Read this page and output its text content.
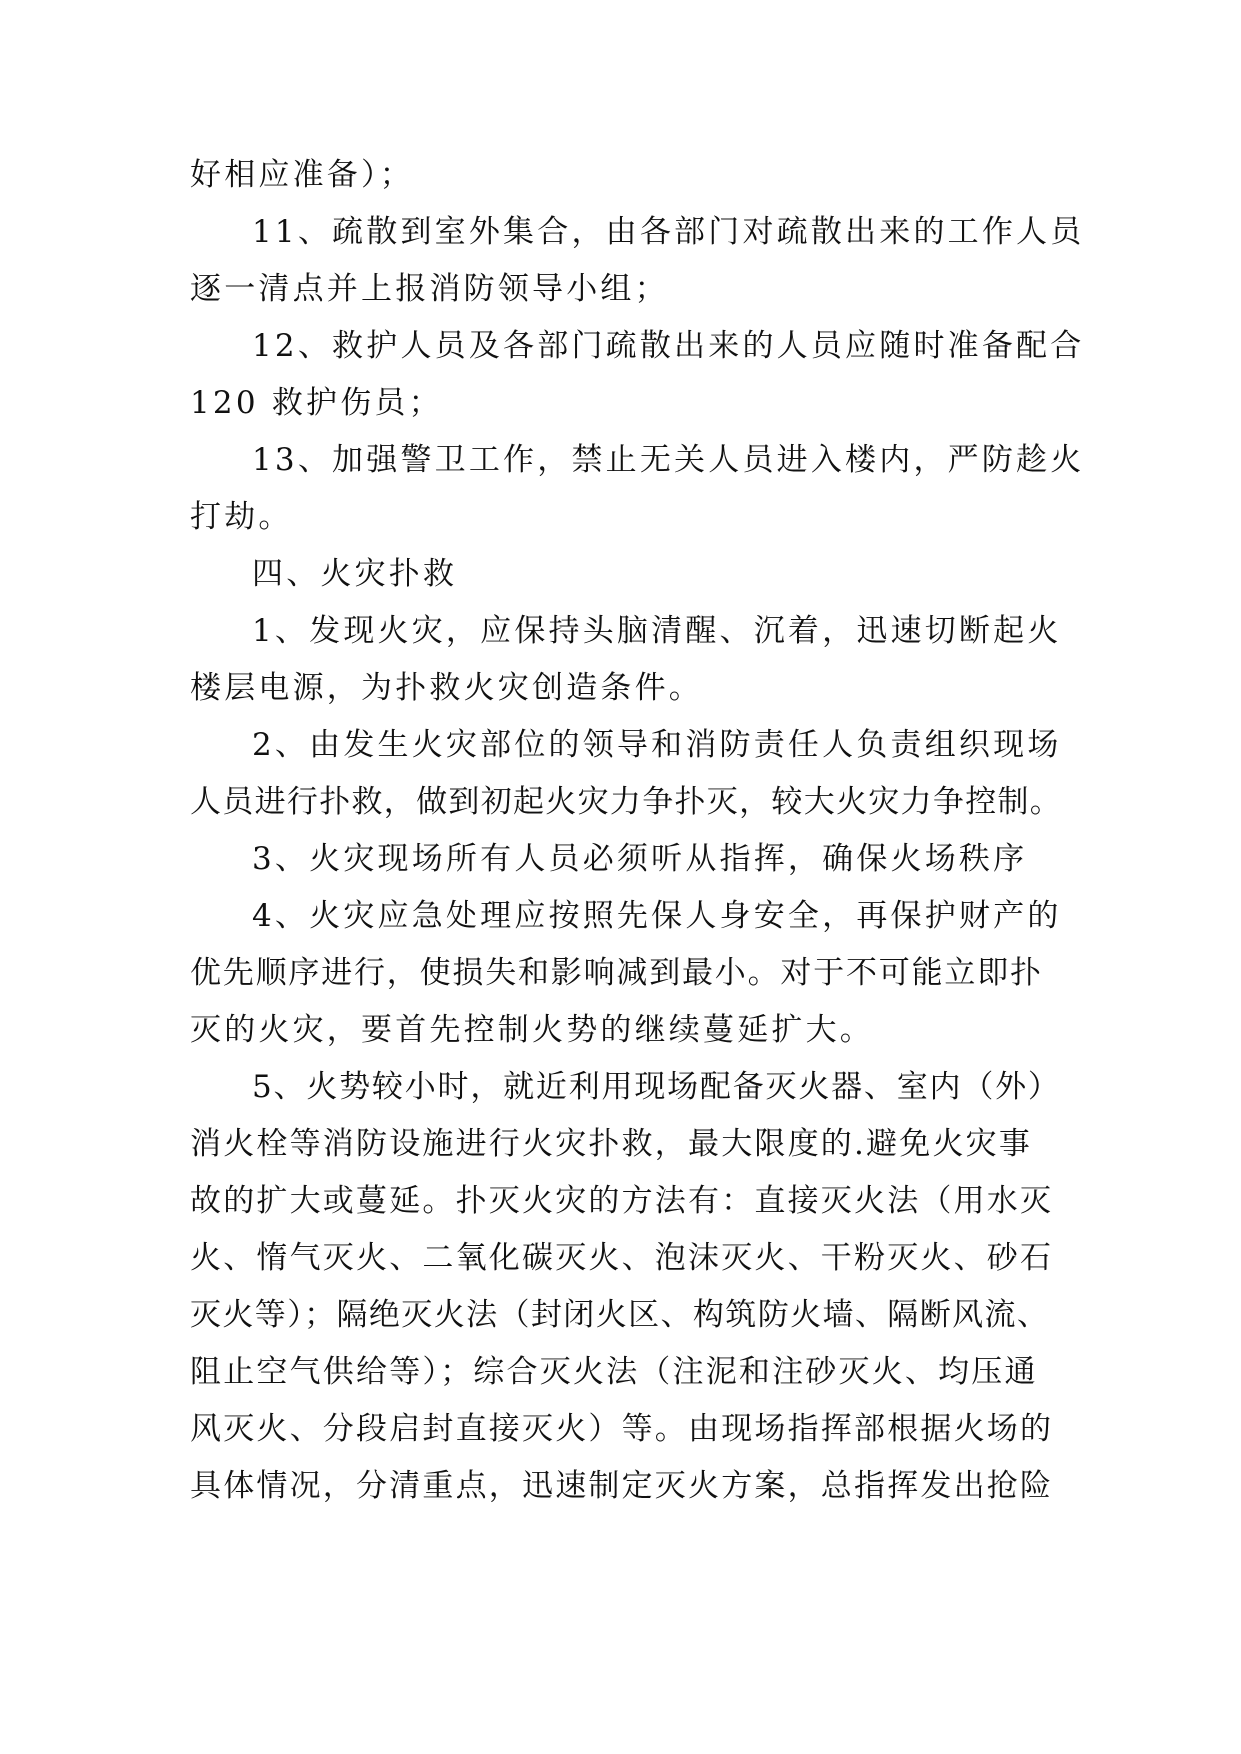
好相应准备）；
11、疏散到室外集合，由各部门对疏散出来的工作人员
逐一清点并上报消防领导小组；
12、救护人员及各部门疏散出来的人员应随时准备配合
120 救护伤员；
13、加强警卫工作，禁止无关人员进入楼内，严防趁火
打劫。
四、火灾扑救
1、发现火灾，应保持头脑清醒、沉着，迅速切断起火
楼层电源，为扑救火灾创造条件。
2、由发生火灾部位的领导和消防责任人负责组织现场
人员进行扑救，做到初起火灾力争扑灭，较大火灾力争控制。
3、火灾现场所有人员必须听从指挥，确保火场秩序
4、火灾应急处理应按照先保人身安全，再保护财产的
优先顺序进行，使损失和影响减到最小。对于不可能立即扑
灭的火灾，要首先控制火势的继续蔓延扩大。
5、火势较小时，就近利用现场配备灭火器、室内（外）
消火栓等消防设施进行火灾扑救，最大限度的.避免火灾事
故的扩大或蔓延。扑灭火灾的方法有：直接灭火法（用水灭
火、惰气灭火、二氧化碳灭火、泡沫灭火、干粉灭火、砂石
灭火等）；隔绝灭火法（封闭火区、构筑防火墙、隔断风流、
阻止空气供给等）；综合灭火法（注泥和注砂灭火、均压通
风灭火、分段启封直接灭火）等。由现场指挥部根据火场的
具体情况，分清重点，迅速制定灭火方案，总指挥发出抢险
